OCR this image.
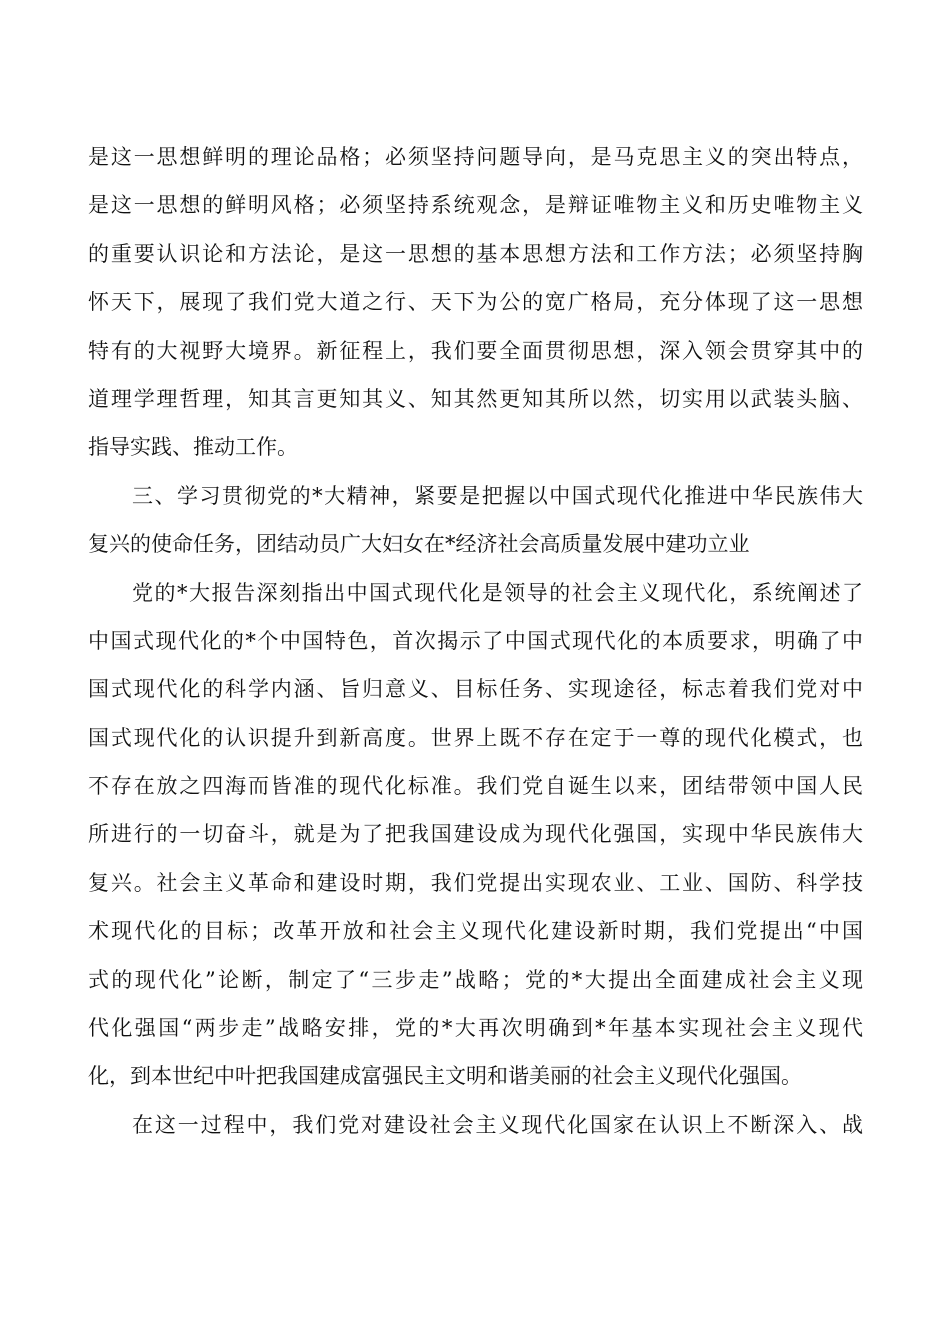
是这一思想鲜明的理论品格；必须坚持问题导向，是马克思主义的突出特点，
是这一思想的鲜明风格；必须坚持系统观念，是辩证唯物主义和历史唯物主义
的重要认识论和方法论，是这一思想的基本思想方法和工作方法；必须坚持胸
怀天下，展现了我们党大道之行、天下为公的宽广格局，充分体现了这一思想
特有的大视野大境界。新征程上，我们要全面贯彻思想，深入领会贯穿其中的
道理学理哲理，知其言更知其义、知其然更知其所以然，切实用以武装头脑、
指导实践、推动工作。
三、学习贯彻党的*大精神，紧要是把握以中国式现代化推进中华民族伟大
复兴的使命任务，团结动员广大妇女在*经济社会高质量发展中建功立业
党的*大报告深刻指出中国式现代化是领导的社会主义现代化，系统阐述了
中国式现代化的*个中国特色，首次揭示了中国式现代化的本质要求，明确了中
国式现代化的科学内涵、旨归意义、目标任务、实现途径，标志着我们党对中
国式现代化的认识提升到新高度。世界上既不存在定于一尊的现代化模式，也
不存在放之四海而皆准的现代化标准。我们党自诞生以来，团结带领中国人民
所进行的一切奋斗，就是为了把我国建设成为现代化强国，实现中华民族伟大
复兴。社会主义革命和建设时期，我们党提出实现农业、工业、国防、科学技
术现代化的目标；改革开放和社会主义现代化建设新时期，我们党提出“中国
式的现代化”论断，制定了“三步走”战略；党的*大提出全面建成社会主义现
代化强国“两步走”战略安排，党的*大再次明确到*年基本实现社会主义现代
化，到本世纪中叶把我国建成富强民主文明和谐美丽的社会主义现代化强国。
在这一过程中，我们党对建设社会主义现代化国家在认识上不断深入、战
